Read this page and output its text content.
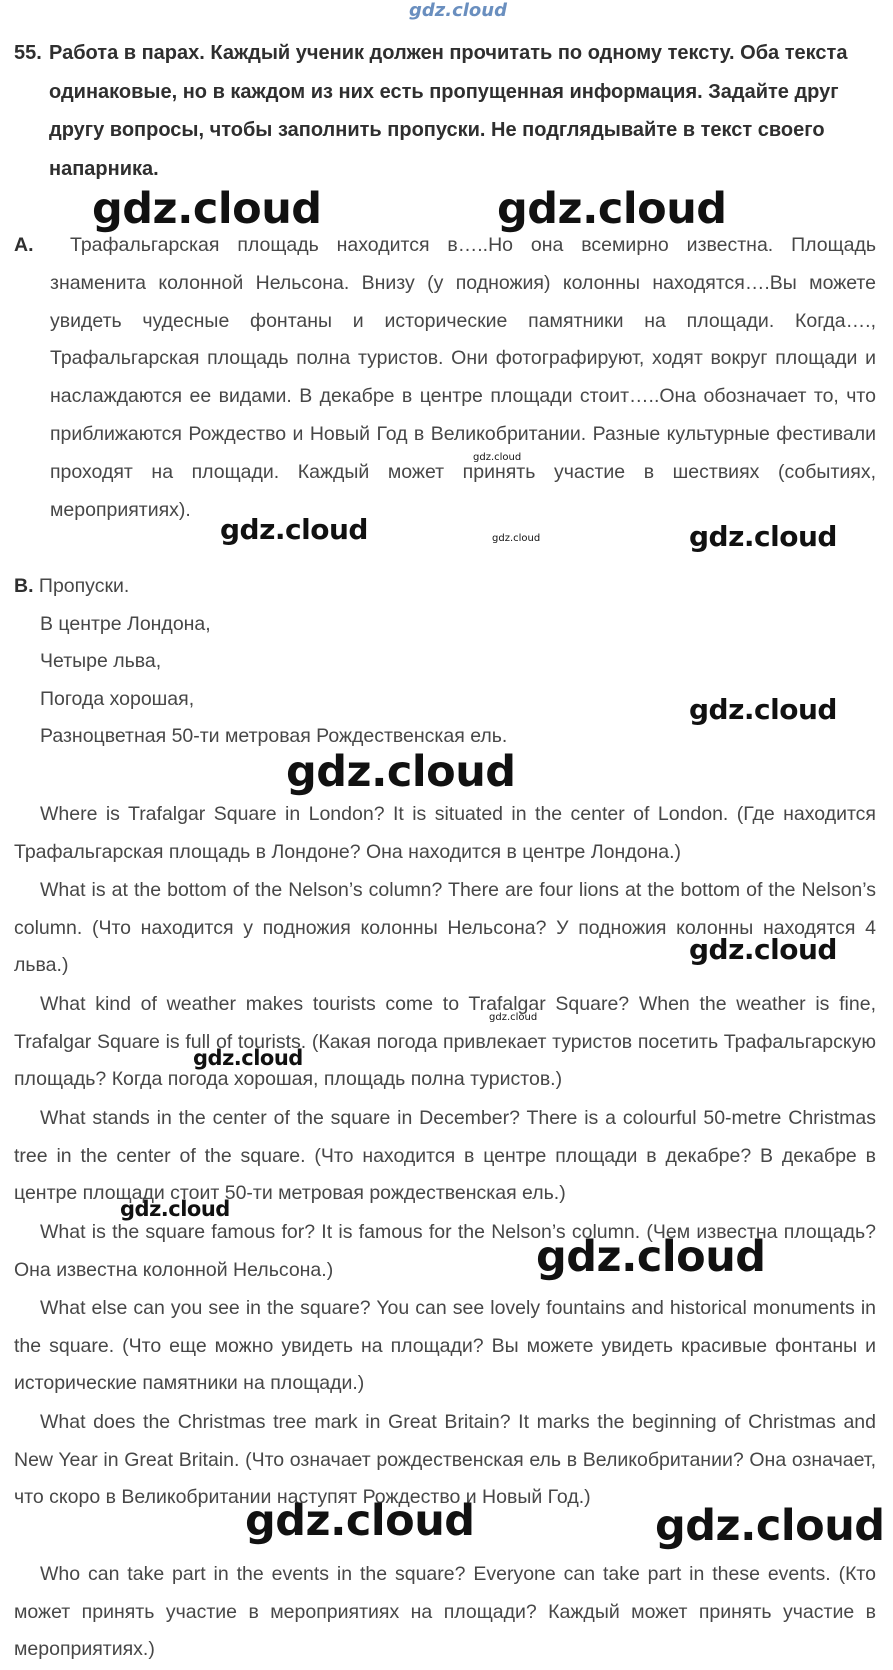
gdz.cloud
55. Работа в парах. Каждый ученик должен прочитать по одному тексту. Оба текста одинаковые, но в каждом из них есть пропущенная информация. Задайте друг другу вопросы, чтобы заполнить пропуски. Не подглядывайте в текст своего напарника.
А.	Трафальгарская площадь находится в…..Но она всемирно известна. Площадь знаменита колонной Нельсона. Внизу (у подножия) колонны находятся….Вы можете увидеть чудесные фонтаны и исторические памятники на площади. Когда…., Трафальгарская площадь полна туристов. Они фотографируют, ходят вокруг площади и наслаждаются ее видами. В декабре в центре площади стоит…..Она обозначает то, что приближаются Рождество и Новый Год в Великобритании. Разные культурные фестивали проходят на площади. Каждый может принять участие в шествиях (событиях, мероприятиях).
В. Пропуски.
В центре Лондона,
Четыре льва,
Погода хорошая,
Разноцветная 50-ти метровая Рождественская ель.
Where is Trafalgar Square in London? It is situated in the center of London. (Где находится Трафальгарская площадь в Лондоне? Она находится в центре Лондона.)
What is at the bottom of the Nelson’s column? There are four lions at the bottom of the Nelson’s column. (Что находится у подножия колонны Нельсона? У подножия колонны находятся 4 льва.)
What kind of weather makes tourists come to Trafalgar Square? When the weather is fine, Trafalgar Square is full of tourists. (Какая погода привлекает туристов посетить Трафальгарскую площадь? Когда погода хорошая, площадь полна туристов.)
What stands in the center of the square in December? There is a colourful 50-metre Christmas tree in the center of the square. (Что находится в центре площади в декабре? В декабре в центре площади стоит 50-ти метровая рождественская ель.)
What is the square famous for? It is famous for the Nelson’s column. (Чем известна площадь? Она известна колонной Нельсона.)
What else can you see in the square? You can see lovely fountains and historical monuments in the square. (Что еще можно увидеть на площади? Вы можете увидеть красивые фонтаны и исторические памятники на площади.)
What does the Christmas tree mark in Great Britain? It marks the beginning of Christmas and New Year in Great Britain. (Что означает рождественская ель в Великобритании? Она означает, что скоро в Великобритании наступят Рождество и Новый Год.)
Who can take part in the events in the square? Everyone can take part in these events. (Кто может принять участие в мероприятиях на площади? Каждый может принять участие в мероприятиях.)
gdz.cloud	gdz.cloud
gdz.cloud
gdz.cloud	gdz.cloud	gdz.cloud
gdz.cloud
gdz.cloud
gdz.cloud
gdz.cloud
gdz.cloud
gdz.cloud
gdz.cloud
gdz.cloud	gdz.cloud
